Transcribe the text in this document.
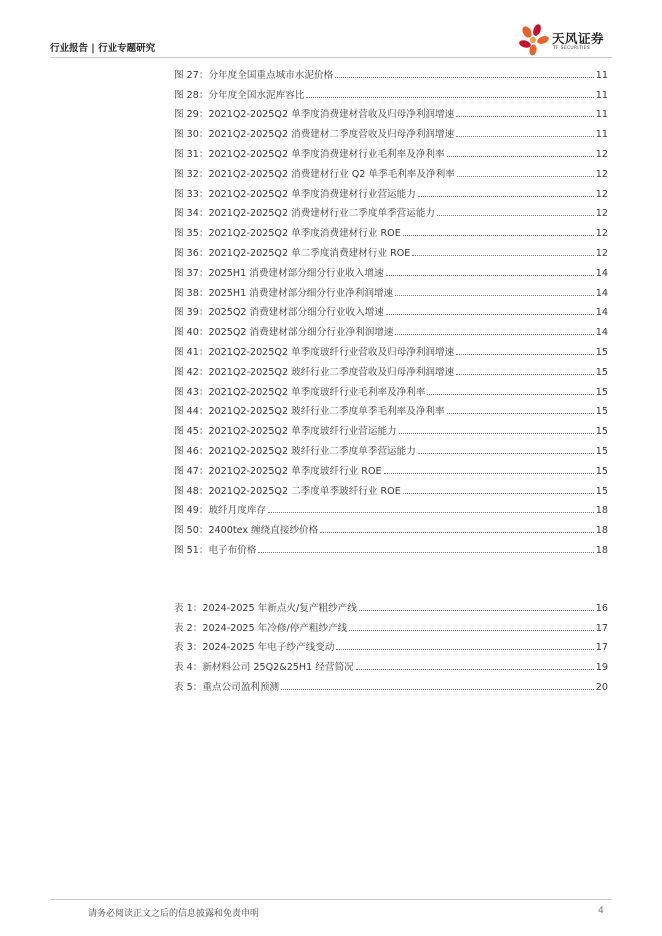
行业报告 | 行业专题研究
天风证券
TF SECURITIES
图 27：分年度全国重点城市水泥价格	11
图 28：分年度全国水泥库容比	11
图 29：2021Q2-2025Q2 单季度消费建材营收及归母净利润增速	11
图 30：2021Q2-2025Q2 消费建材二季度营收及归母净利润增速	11
图 31：2021Q2-2025Q2 单季度消费建材行业毛利率及净利率	12
图 32：2021Q2-2025Q2 消费建材行业 Q2 单季毛利率及净利率	12
图 33：2021Q2-2025Q2 单季度消费建材行业营运能力	12
图 34：2021Q2-2025Q2 消费建材行业二季度单季营运能力	12
图 35：2021Q2-2025Q2 单季度消费建材行业 ROE	12
图 36：2021Q2-2025Q2 单二季度消费建材行业 ROE	12
图 37：2025H1 消费建材部分细分行业收入增速	14
图 38：2025H1 消费建材部分细分行业净利润增速	14
图 39：2025Q2 消费建材部分细分行业收入增速	14
图 40：2025Q2 消费建材部分细分行业净利润增速	14
图 41：2021Q2-2025Q2 单季度玻纤行业营收及归母净利润增速	15
图 42：2021Q2-2025Q2 玻纤行业二季度营收及归母净利润增速	15
图 43：2021Q2-2025Q2 单季度玻纤行业毛利率及净利率	15
图 44：2021Q2-2025Q2 玻纤行业二季度单季毛利率及净利率	15
图 45：2021Q2-2025Q2 单季度玻纤行业营运能力	15
图 46：2021Q2-2025Q2 玻纤行业二季度单季营运能力	15
图 47：2021Q2-2025Q2 单季度玻纤行业 ROE	15
图 48：2021Q2-2025Q2 二季度单季玻纤行业 ROE	15
图 49：玻纤月度库存	18
图 50：2400tex 缠绕直接纱价格	18
图 51：电子布价格	18
表 1：2024-2025 年新点火/复产粗纱产线	16
表 2：2024-2025 年冷修/停产粗纱产线	17
表 3：2024-2025 年电子纱产线变动	17
表 4：新材料公司 25Q2&25H1 经营简况	19
表 5：重点公司盈利预测	20
请务必阅读正文之后的信息披露和免责申明	4
